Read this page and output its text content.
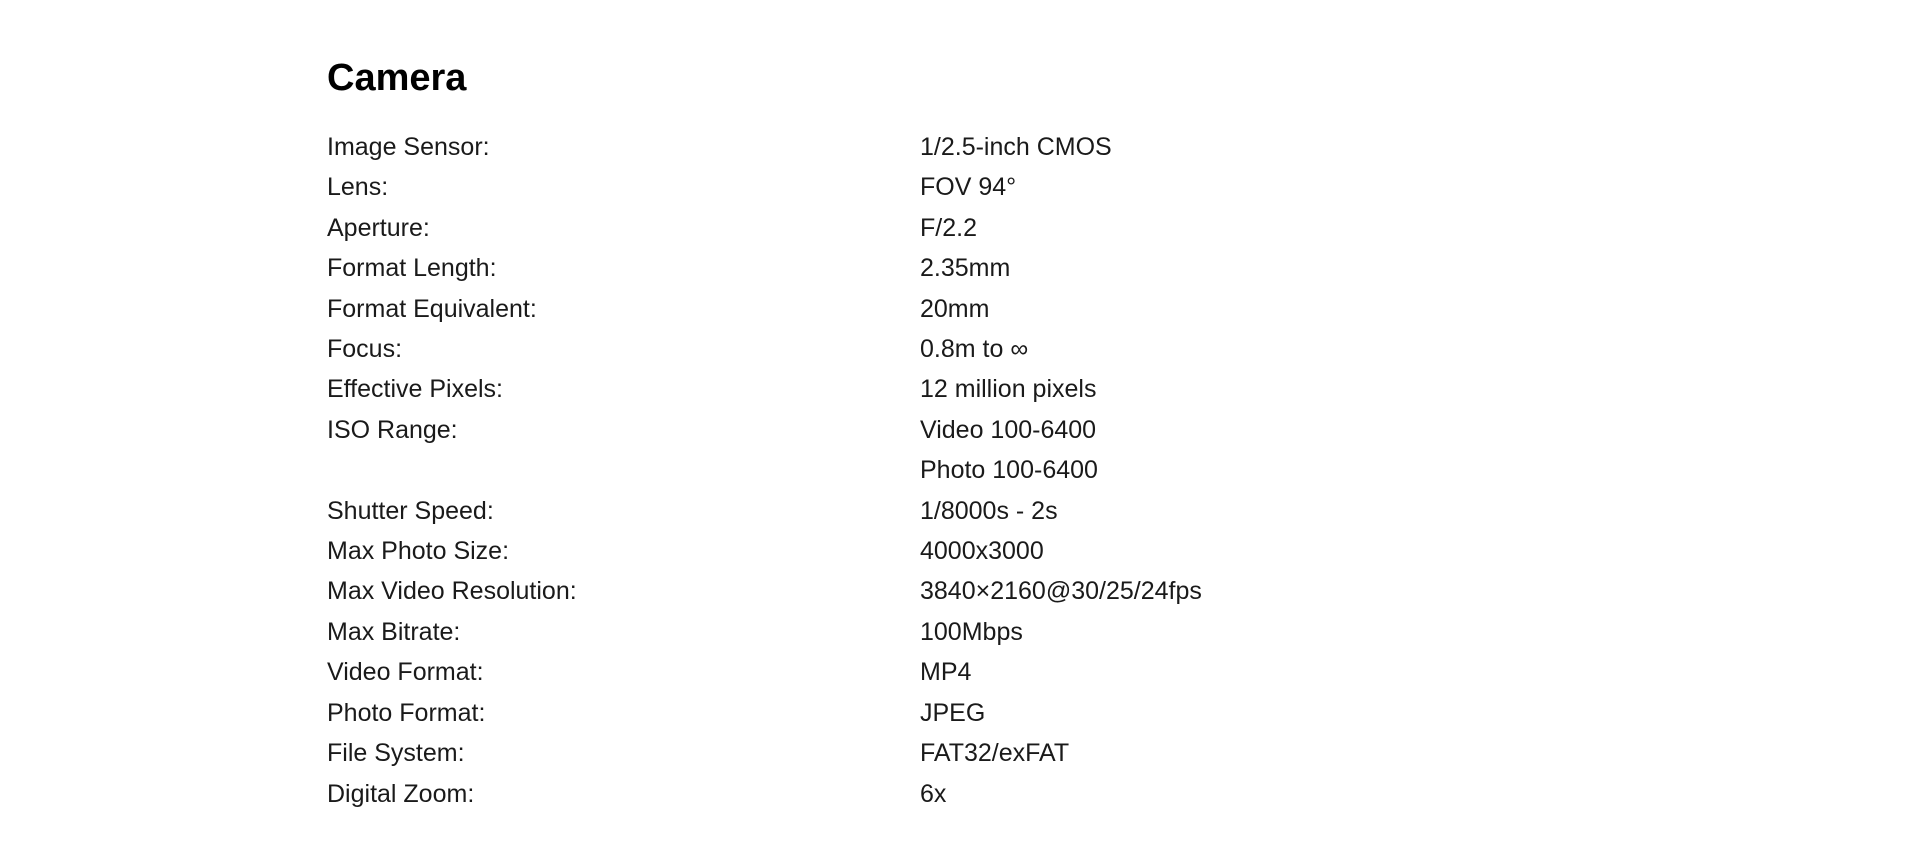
Camera
Image Sensor:	1/2.5-inch CMOS
Lens:	FOV 94°
Aperture:	F/2.2
Format Length:	2.35mm
Format Equivalent:	20mm
Focus:	0.8m to ∞
Effective Pixels:	12 million pixels
ISO Range:	Video 100-6400
Photo 100-6400
Shutter Speed:	1/8000s - 2s
Max Photo Size:	4000x3000
Max Video Resolution:	3840×2160@30/25/24fps
Max Bitrate:	100Mbps
Video Format:	MP4
Photo Format:	JPEG
File System:	FAT32/exFAT
Digital Zoom:	6x
